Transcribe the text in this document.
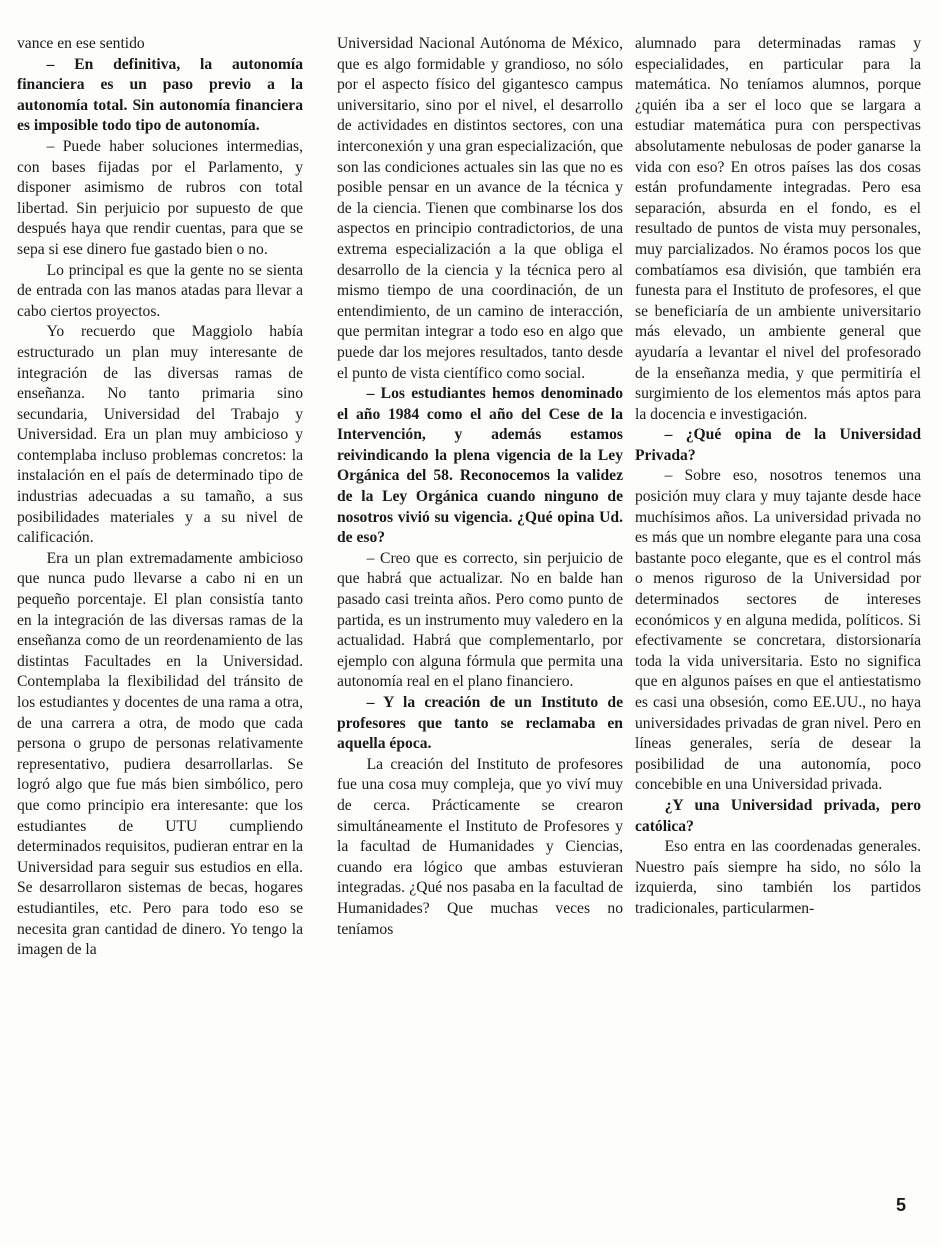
vance en ese sentido

– En definitiva, la autonomía financiera es un paso previo a la autonomía total. Sin autonomía financiera es imposible todo tipo de autonomía.

– Puede haber soluciones intermedias, con bases fijadas por el Parlamento, y disponer asimismo de rubros con total libertad. Sin perjuicio por supuesto de que después haya que rendir cuentas, para que se sepa si ese dinero fue gastado bien o no.

Lo principal es que la gente no se sienta de entrada con las manos atadas para llevar a cabo ciertos proyectos.

Yo recuerdo que Maggiolo había estructurado un plan muy interesante de integración de las diversas ramas de enseñanza. No tanto primaria sino secundaria, Universidad del Trabajo y Universidad. Era un plan muy ambicioso y contemplaba incluso problemas concretos: la instalación en el país de determinado tipo de industrias adecuadas a su tamaño, a sus posibilidades materiales y a su nivel de calificación.

Era un plan extremadamente ambicioso que nunca pudo llevarse a cabo ni en un pequeño porcentaje. El plan consistía tanto en la integración de las diversas ramas de la enseñanza como de un reordenamiento de las distintas Facultades en la Universidad. Contemplaba la flexibilidad del tránsito de los estudiantes y docentes de una rama a otra, de una carrera a otra, de modo que cada persona o grupo de personas relativamente representativo, pudiera desarrollarlas. Se logró algo que fue más bien simbólico, pero que como principio era interesante: que los estudiantes de UTU cumpliendo determinados requisitos, pudieran entrar en la Universidad para seguir sus estudios en ella. Se desarrollaron sistemas de becas, hogares estudiantiles, etc. Pero para todo eso se necesita gran cantidad de dinero. Yo tengo la imagen de la

Universidad Nacional Autónoma de México, que es algo formidable y grandioso, no sólo por el aspecto físico del gigantesco campus universitario, sino por el nivel, el desarrollo de actividades en distintos sectores, con una interconexión y una gran especialización, que son las condiciones actuales sin las que no es posible pensar en un avance de la técnica y de la ciencia. Tienen que combinarse los dos aspectos en principio contradictorios, de una extrema especialización a la que obliga el desarrollo de la ciencia y la técnica pero al mismo tiempo de una coordinación, de un entendimiento, de un camino de interacción, que permitan integrar a todo eso en algo que puede dar los mejores resultados, tanto desde el punto de vista científico como social.

– Los estudiantes hemos denominado el año 1984 como el año del Cese de la Intervención, y además estamos reivindicando la plena vigencia de la Ley Orgánica del 58. Reconocemos la validez de la Ley Orgánica cuando ninguno de nosotros vivió su vigencia. ¿Qué opina Ud. de eso?

– Creo que es correcto, sin perjuicio de que habrá que actualizar. No en balde han pasado casi treinta años. Pero como punto de partida, es un instrumento muy valedero en la actualidad. Habrá que complementarlo, por ejemplo con alguna fórmula que permita una autonomía real en el plano financiero.

– Y la creación de un Instituto de profesores que tanto se reclamaba en aquella época.

La creación del Instituto de profesores fue una cosa muy compleja, que yo viví muy de cerca. Prácticamente se crearon simultáneamente el Instituto de Profesores y la facultad de Humanidades y Ciencias, cuando era lógico que ambas estuvieran integradas. ¿Qué nos pasaba en la facultad de Humanidades? Que muchas veces no teníamos

alumnado para determinadas ramas y especialidades, en particular para la matemática. No teníamos alumnos, porque ¿quién iba a ser el loco que se largara a estudiar matemática pura con perspectivas absolutamente nebulosas de poder ganarse la vida con eso? En otros países las dos cosas están profundamente integradas. Pero esa separación, absurda en el fondo, es el resultado de puntos de vista muy personales, muy parcializados. No éramos pocos los que combatíamos esa división, que también era funesta para el Instituto de profesores, el que se beneficiaría de un ambiente universitario más elevado, un ambiente general que ayudaría a levantar el nivel del profesorado de la enseñanza media, y que permitiría el surgimiento de los elementos más aptos para la docencia e investigación.

– ¿Qué opina de la Universidad Privada?

– Sobre eso, nosotros tenemos una posición muy clara y muy tajante desde hace muchísimos años. La universidad privada no es más que un nombre elegante para una cosa bastante poco elegante, que es el control más o menos riguroso de la Universidad por determinados sectores de intereses económicos y en alguna medida, políticos. Si efectivamente se concretara, distorsionaría toda la vida universitaria. Esto no significa que en algunos países en que el antiestatismo es casi una obsesión, como EE.UU., no haya universidades privadas de gran nivel. Pero en líneas generales, sería de desear la posibilidad de una autonomía, poco concebible en una Universidad privada.

¿Y una Universidad privada, pero católica?

Eso entra en las coordenadas generales. Nuestro país siempre ha sido, no sólo la izquierda, sino también los partidos tradicionales, particularmen-

5
